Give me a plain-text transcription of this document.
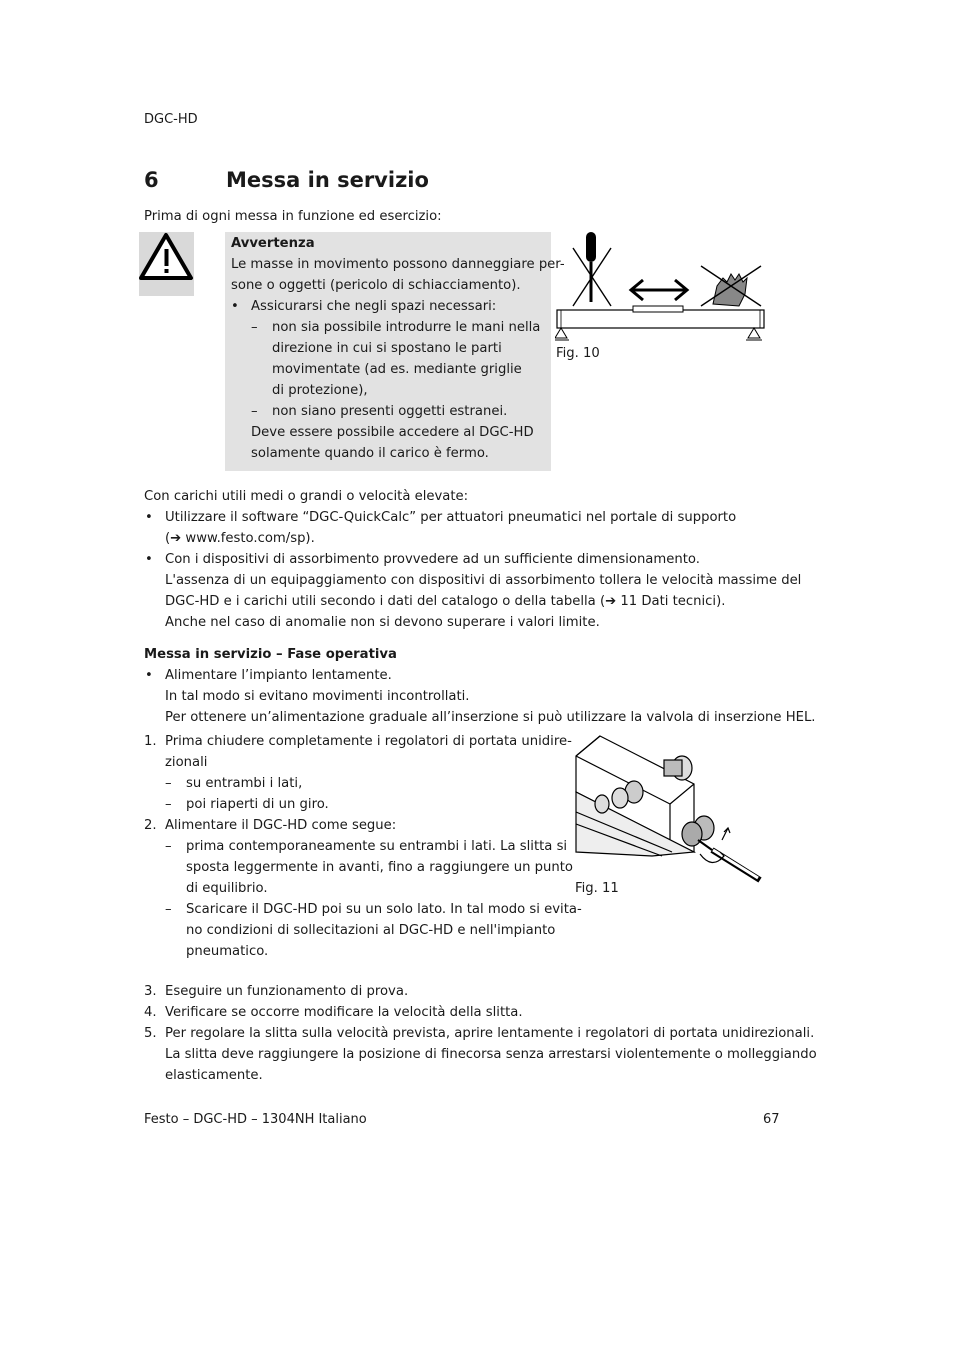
DGC-HD
6	Messa in servizio
Prima di ogni messa in funzione ed esercizio:
Avvertenza
Le masse in movimento possono danneggiare per-
sone o oggetti (pericolo di schiacciamento).
• Assicurarsi che negli spazi necessari:
– non sia possibile introdurre le mani nella
direzione in cui si spostano le parti
movimentate (ad es. mediante griglie
di protezione),
– non siano presenti oggetti estranei.
Deve essere possibile accedere al DGC-HD
solamente quando il carico è fermo.
Fig. 10
Con carichi utili medi o grandi o velocità elevate:
• Utilizzare il software “DGC-QuickCalc” per attuatori pneumatici nel portale di supporto
(➔ www.festo.com/sp).
• Con i dispositivi di assorbimento provvedere ad un sufficiente dimensionamento.
L'assenza di un equipaggiamento con dispositivi di assorbimento tollera le velocità massime del
DGC-HD e i carichi utili secondo i dati del catalogo o della tabella (➔ 11 Dati tecnici).
Anche nel caso di anomalie non si devono superare i valori limite.
Messa in servizio – Fase operativa
• Alimentare l’impianto lentamente.
In tal modo si evitano movimenti incontrollati.
Per ottenere un’alimentazione graduale all’inserzione si può utilizzare la valvola di inserzione HEL.
1. Prima chiudere completamente i regolatori di portata unidire-
zionali
– su entrambi i lati,
– poi riaperti di un giro.
2. Alimentare il DGC-HD come segue:
– prima contemporaneamente su entrambi i lati. La slitta si
sposta leggermente in avanti, fino a raggiungere un punto
di equilibrio.
– Scaricare il DGC-HD poi su un solo lato. In tal modo si evita-
no condizioni di sollecitazioni al DGC-HD e nell'impianto
pneumatico.
Fig. 11
3. Eseguire un funzionamento di prova.
4. Verificare se occorre modificare la velocità della slitta.
5. Per regolare la slitta sulla velocità prevista, aprire lentamente i regolatori di portata unidirezionali.
La slitta deve raggiungere la posizione di finecorsa senza arrestarsi violentemente o molleggiando
elasticamente.
Festo – DGC-HD – 1304NH Italiano	67
